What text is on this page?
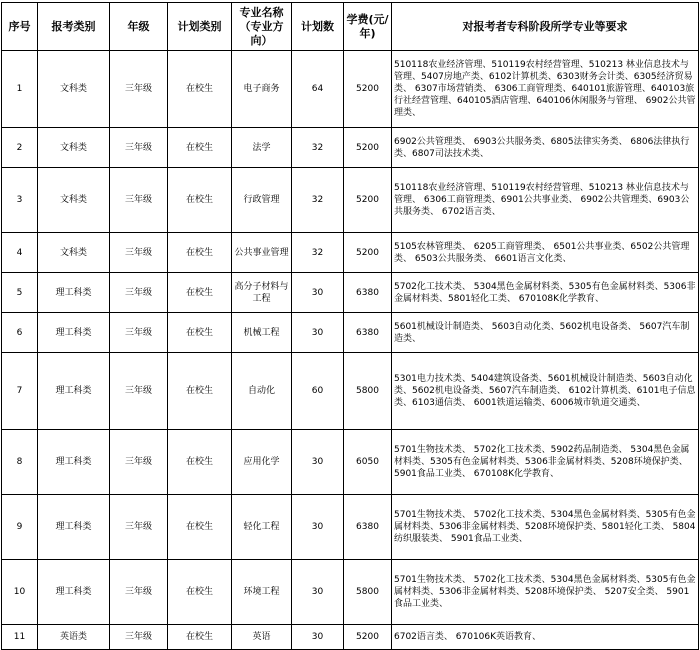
序号	报考类别	年级	计划类别	专业名称（专业方向）	计划数	学费(元/年)	对报考者专科阶段所学专业等要求
1	文科类	三年级	在校生	电子商务	64	5200	510118农业经济管理、510119农村经营管理、510213 林业信息技术与管理、5407房地产类、6102计算机类、6303财务会计类、6305经济贸易类、 6307市场营销类、 6306工商管理类、640101旅游管理、640103旅行社经营管理、640105酒店管理、640106休闲服务与管理、 6902公共管理类、
2	文科类	三年级	在校生	法学	32	5200	6902公共管理类、 6903公共服务类、6805法律实务类、 6806法律执行类、6807司法技术类、
3	文科类	三年级	在校生	行政管理	32	5200	510118农业经济管理、510119农村经营管理、510213 林业信息技术与管理、 6306工商管理类、6901公共事业类、 6902公共管理类、6903公共服务类、 6702语言类、
4	文科类	三年级	在校生	公共事业管理	32	5200	5105农林管理类、 6205工商管理类、 6501公共事业类、6502公共管理类、 6503公共服务类、 6601语言文化类、
5	理工科类	三年级	在校生	高分子材料与工程	30	6380	5702化工技术类、 5304黑色金属材料类、5305有色金属材料类、5306非金属材料类、5801轻化工类、 670108K化学教育、
6	理工科类	三年级	在校生	机械工程	30	6380	5601机械设计制造类、 5603自动化类、5602机电设备类、 5607汽车制造类、
7	理工科类	三年级	在校生	自动化	60	5800	5301电力技术类、5404建筑设备类、5601机械设计制造类、5603自动化类、5602机电设备类、5607汽车制造类、 6102计算机类、6101电子信息类、6103通信类、 6001铁道运输类、6006城市轨道交通类、
8	理工科类	三年级	在校生	应用化学	30	6050	5701生物技术类、 5702化工技术类、5902药品制造类、 5304黑色金属材料类、5305有色金属材料类、5306非金属材料类、5208环境保护类、 5901食品工业类、 670108K化学教育、
9	理工科类	三年级	在校生	轻化工程	30	6380	5701生物技术类、 5702化工技术类、5304黑色金属材料类、5305有色金属材料类、5306非金属材料类、5208环境保护类、5801轻化工类、 5804纺织服装类、 5901食品工业类、
10	理工科类	三年级	在校生	环境工程	30	5800	5701生物技术类、 5702化工技术类、5304黑色金属材料类、5305有色金属材料类、5306非金属材料类、5208环境保护类、 5207安全类、 5901食品工业类、
11	英语类	三年级	在校生	英语	30	5200	6702语言类、 670106K英语教育、
